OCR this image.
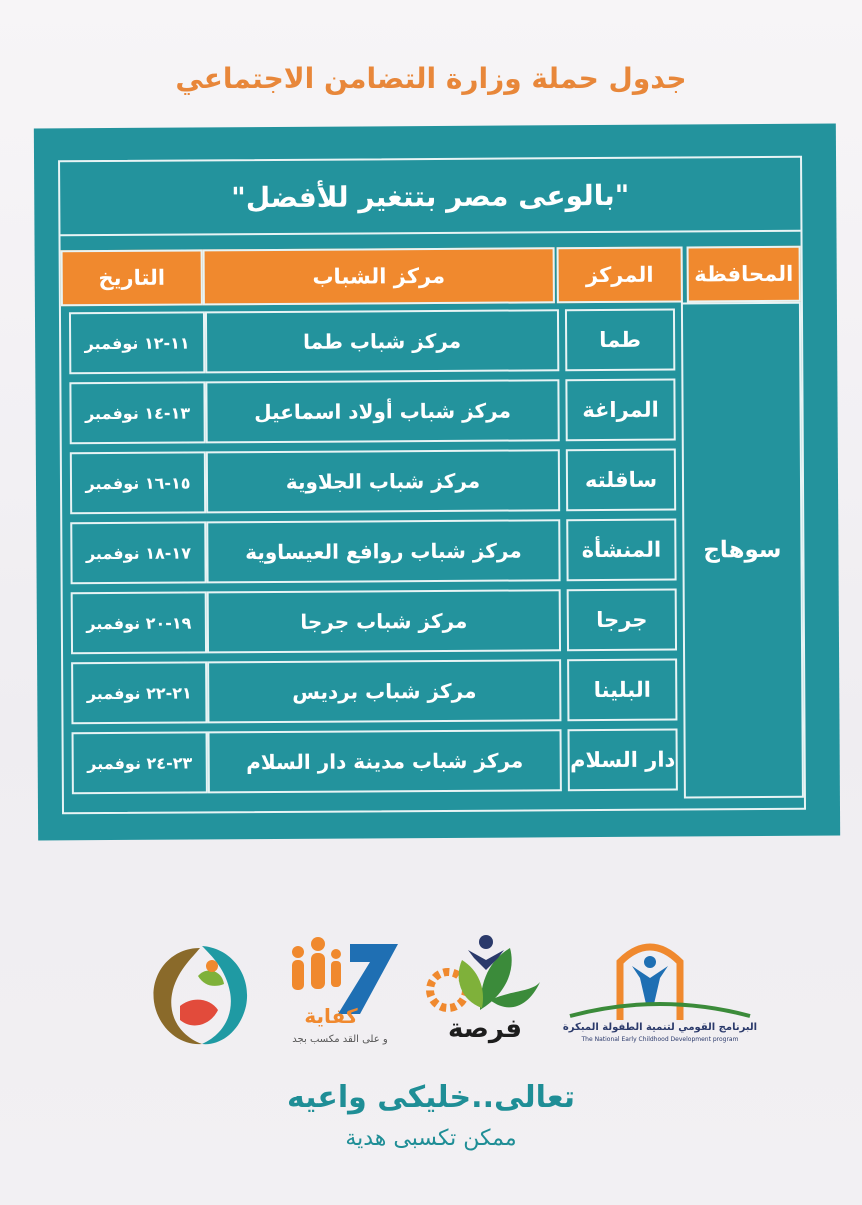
جدول حملة وزارة التضامن الاجتماعي
"بالوعى مصر بتتغير للأفضل"
المحافظة
المركز
مركز الشباب
التاريخ
سوهاج
طما
مركز شباب طما
١١-١٢ نوفمبر
المراغة
مركز شباب أولاد اسماعيل
١٣-١٤ نوفمبر
ساقلته
مركز شباب الجلاوية
١٥-١٦ نوفمبر
المنشأة
مركز شباب روافع العيساوية
١٧-١٨ نوفمبر
جرجا
مركز شباب جرجا
١٩-٢٠ نوفمبر
البلينا
مركز شباب برديس
٢١-٢٢ نوفمبر
دار السلام
مركز شباب مدينة دار السلام
٢٣-٢٤ نوفمبر
كفاية
و على القد مكسب بجد	فرصة	البرنامج القومي لتنمية الطفولة المبكرة
The National Early Childhood Development program
تعالى..خليكى واعيه
ممكن تكسبى هدية
